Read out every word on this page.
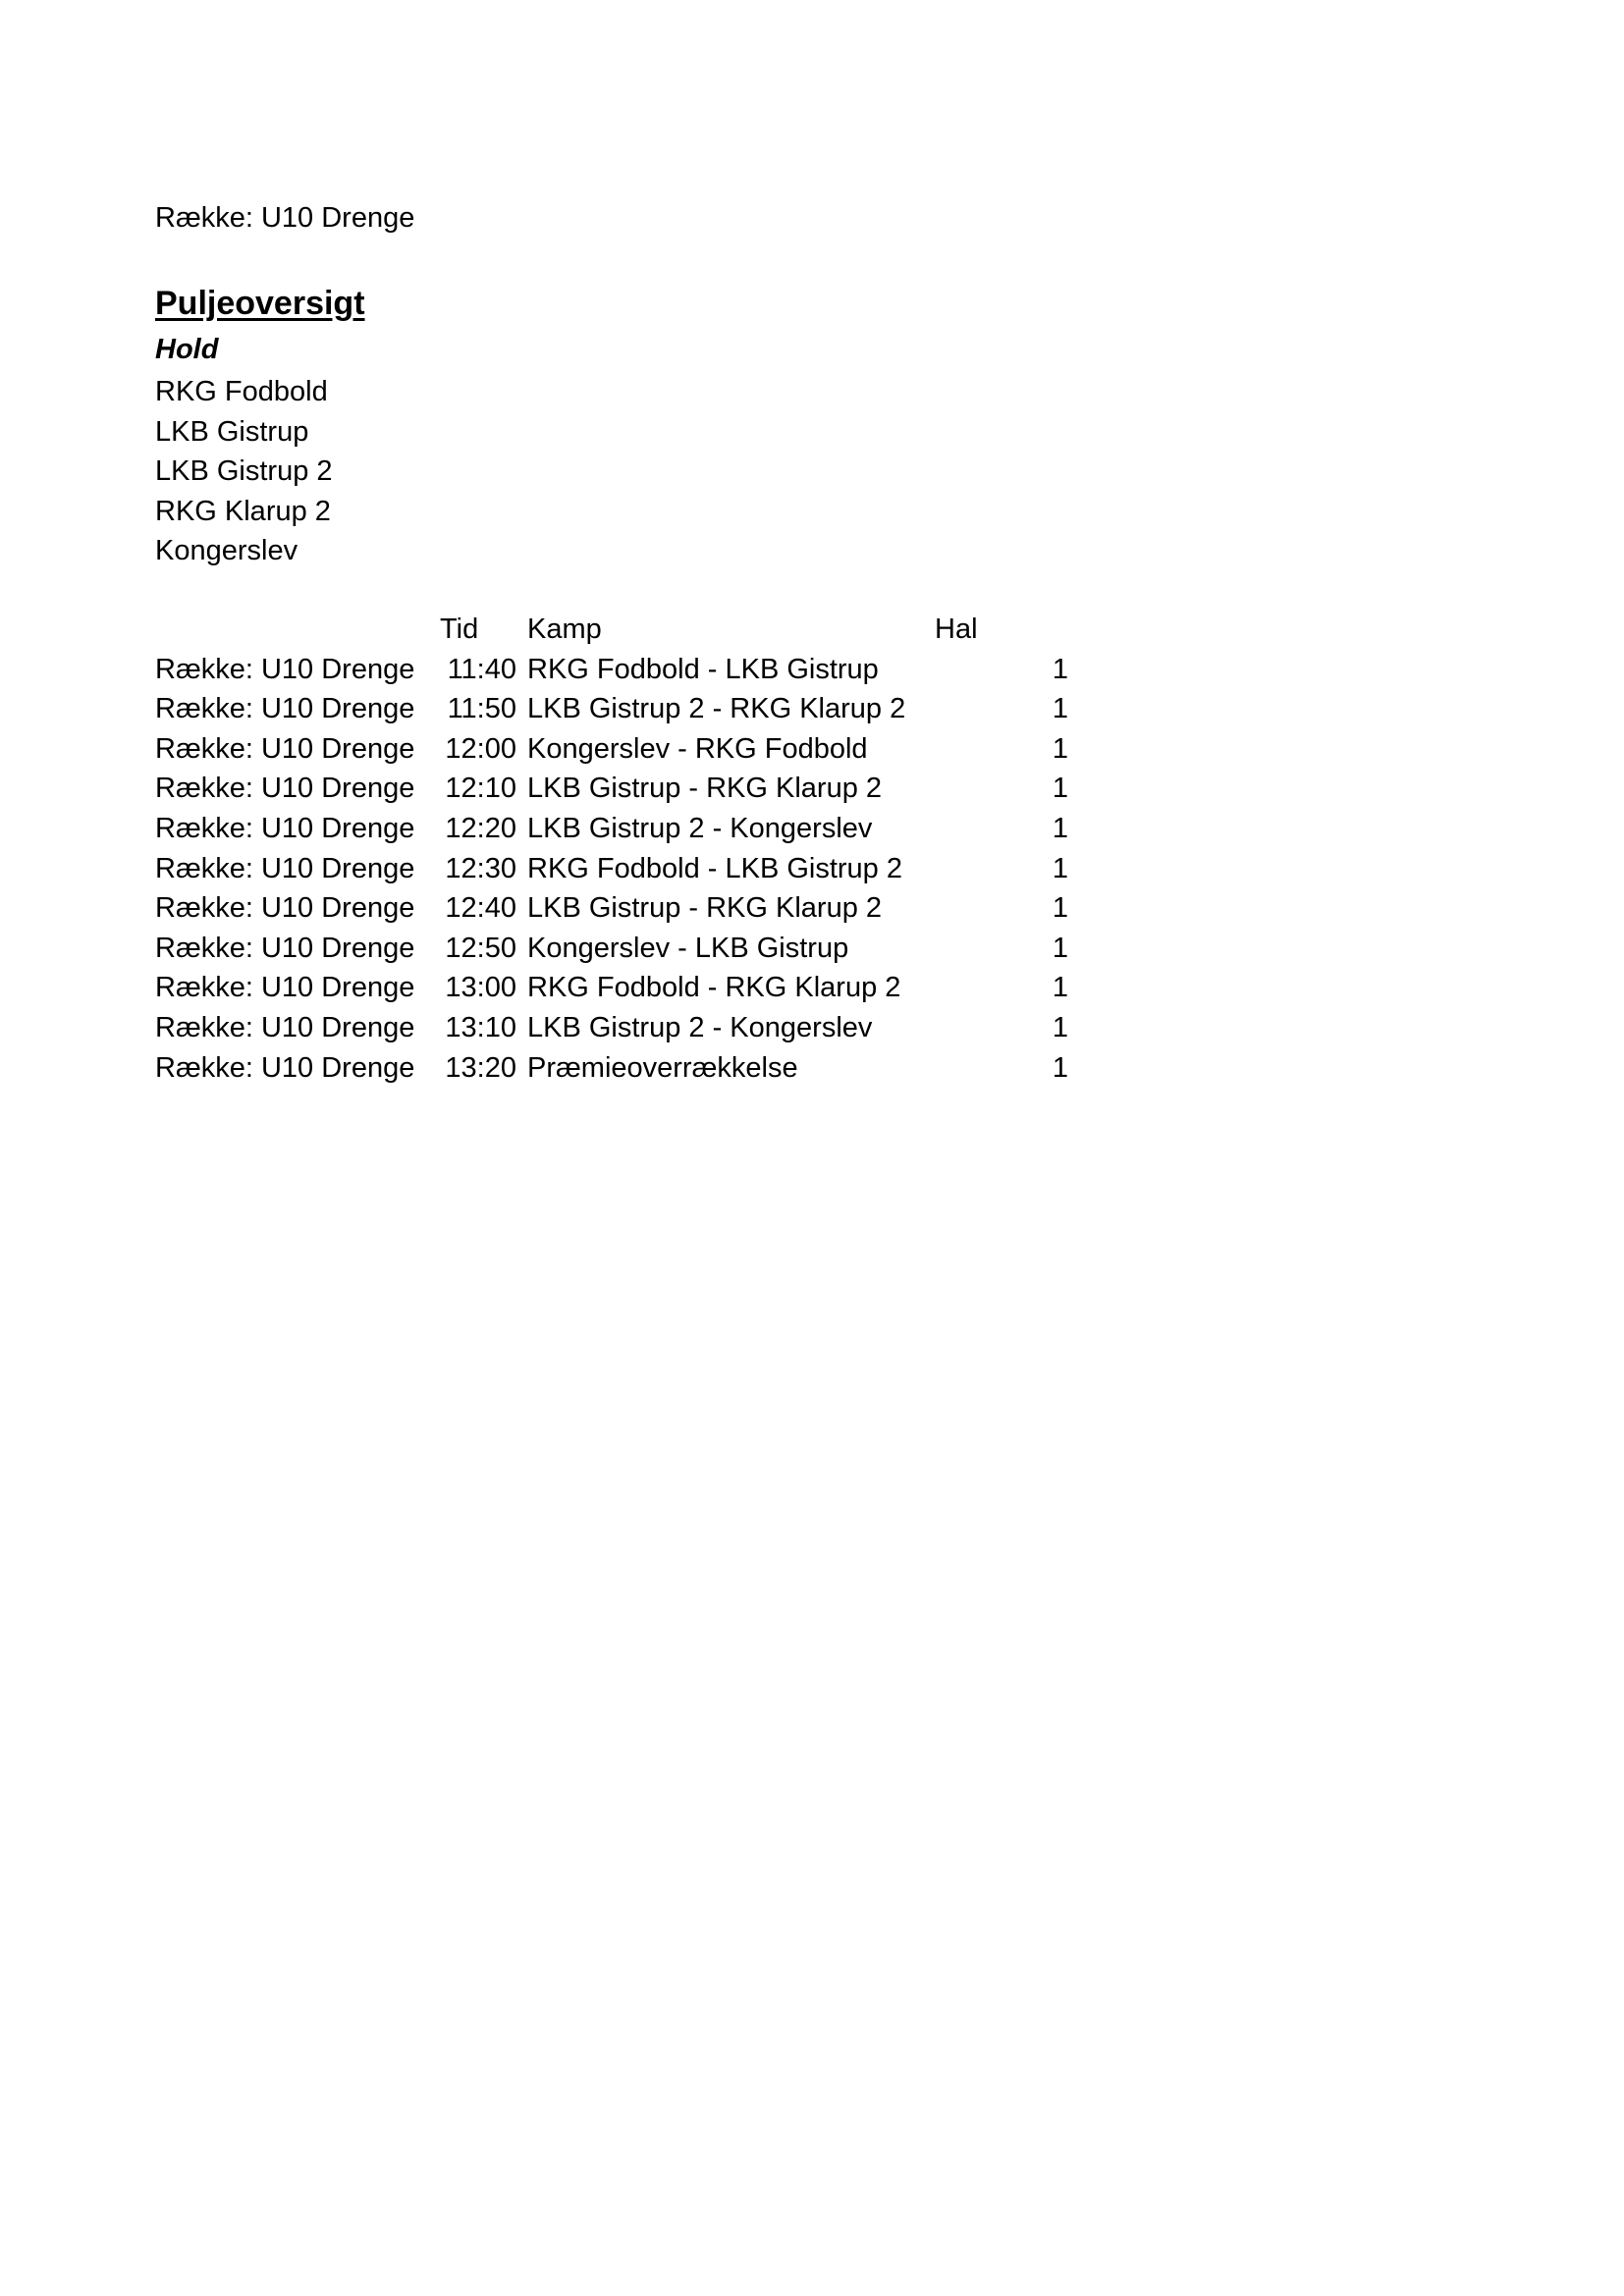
Række: U10 Drenge
Puljeoversigt
Hold
RKG Fodbold
LKB Gistrup
LKB Gistrup 2
RKG Klarup 2
Kongerslev
Tid Kamp	Hal
Række: U10 Drenge	11:40 RKG Fodbold - LKB Gistrup	1
Række: U10 Drenge	11:50 LKB Gistrup 2 - RKG Klarup 2	1
Række: U10 Drenge 12:00 Kongerslev - RKG Fodbold	1
Række: U10 Drenge 12:10 LKB Gistrup - RKG Klarup 2	1
Række: U10 Drenge 12:20 LKB Gistrup 2 - Kongerslev	1
Række: U10 Drenge 12:30 RKG Fodbold - LKB Gistrup 2	1
Række: U10 Drenge 12:40 LKB Gistrup - RKG Klarup 2	1
Række: U10 Drenge 12:50 Kongerslev - LKB Gistrup	1
Række: U10 Drenge 13:00 RKG Fodbold - RKG Klarup 2	1
Række: U10 Drenge 13:10 LKB Gistrup 2 - Kongerslev	1
Række: U10 Drenge 13:20 Præmieoverrækkelse	1
